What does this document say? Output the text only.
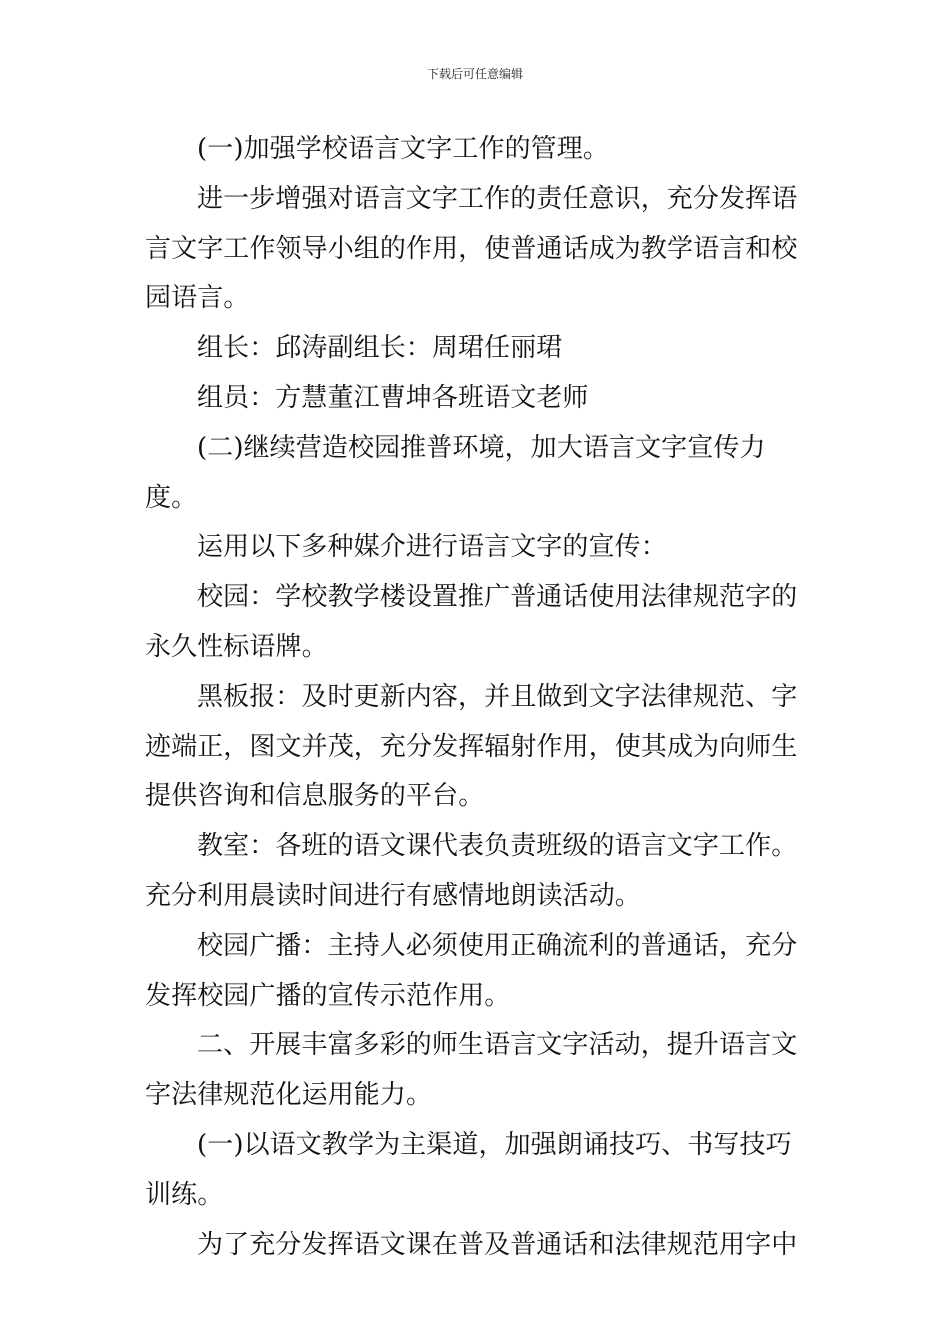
下载后可任意编辑

(一)加强学校语言文字工作的管理。

进一步增强对语言文字工作的责任意识，充分发挥语言文字工作领导小组的作用，使普通话成为教学语言和校园语言。

组长：邱涛副组长：周珺任丽珺

组员：方慧董江曹坤各班语文老师

(二)继续营造校园推普环境，加大语言文字宣传力度。

运用以下多种媒介进行语言文字的宣传：

校园：学校教学楼设置推广普通话使用法律规范字的永久性标语牌。

黑板报：及时更新内容，并且做到文字法律规范、字迹端正，图文并茂，充分发挥辐射作用，使其成为向师生提供咨询和信息服务的平台。

教室：各班的语文课代表负责班级的语言文字工作。充分利用晨读时间进行有感情地朗读活动。

校园广播：主持人必须使用正确流利的普通话，充分发挥校园广播的宣传示范作用。

二、开展丰富多彩的师生语言文字活动，提升语言文字法律规范化运用能力。

(一)以语文教学为主渠道，加强朗诵技巧、书写技巧训练。

为了充分发挥语文课在普及普通话和法律规范用字中
